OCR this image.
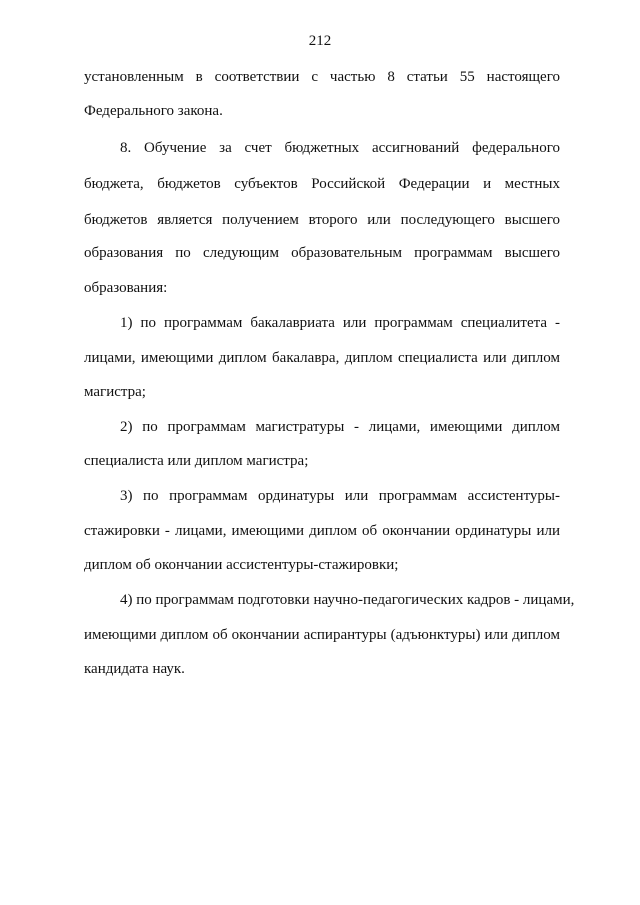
212
установленным в соответствии с частью 8 статьи 55 настоящего
Федерального закона.
8. Обучение за счет бюджетных ассигнований федерального
бюджета, бюджетов субъектов Российской Федерации и местных
бюджетов является получением второго или последующего высшего
образования по следующим образовательным программам высшего
образования:
1) по программам бакалавриата или программам специалитета -
лицами, имеющими диплом бакалавра, диплом специалиста или диплом
магистра;
2) по программам магистратуры - лицами, имеющими диплом
специалиста или диплом магистра;
3) по программам ординатуры или программам ассистентуры-
стажировки - лицами, имеющими диплом об окончании ординатуры или
диплом об окончании ассистентуры-стажировки;
4) по программам подготовки научно-педагогических кадров - лицами,
имеющими диплом об окончании аспирантуры (адъюнктуры) или диплом
кандидата наук.
